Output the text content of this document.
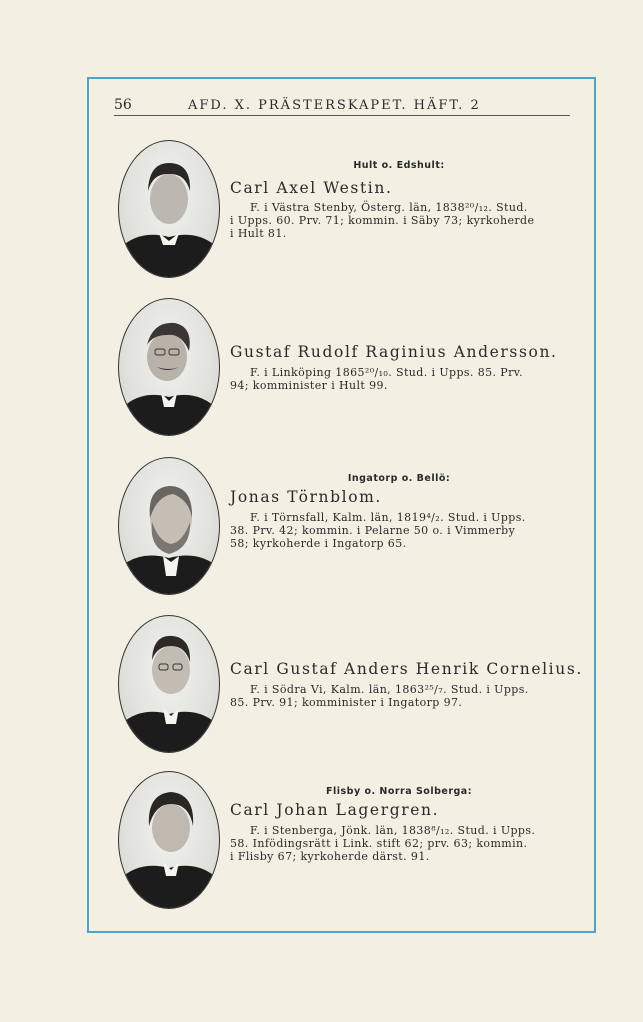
56	AFD. X. PRÄSTERSKAPET. HÄFT. 2
Hult o. Edshult:
Carl Axel Westin.
F. i Västra Stenby, Österg. län, 1838²⁰/₁₂. Stud.
i Upps. 60. Prv. 71; kommin. i Säby 73; kyrkoherde
i Hult 81.
Gustaf Rudolf Raginius Andersson.
F. i Linköping 1865²⁰/₁₀. Stud. i Upps. 85. Prv.
94; komminister i Hult 99.
Ingatorp o. Bellö:
Jonas Törnblom.
F. i Törnsfall, Kalm. län, 1819⁴/₂. Stud. i Upps.
38. Prv. 42; kommin. i Pelarne 50 o. i Vimmerby
58; kyrkoherde i Ingatorp 65.
Carl Gustaf Anders Henrik Cornelius.
F. i Södra Vi, Kalm. län, 1863²⁵/₇. Stud. i Upps.
85. Prv. 91; komminister i Ingatorp 97.
Flisby o. Norra Solberga:
Carl Johan Lagergren.
F. i Stenberga, Jönk. län, 1838⁸/₁₂. Stud. i Upps.
58. Infödingsrätt i Link. stift 62; prv. 63; kommin.
i Flisby 67; kyrkoherde därst. 91.
